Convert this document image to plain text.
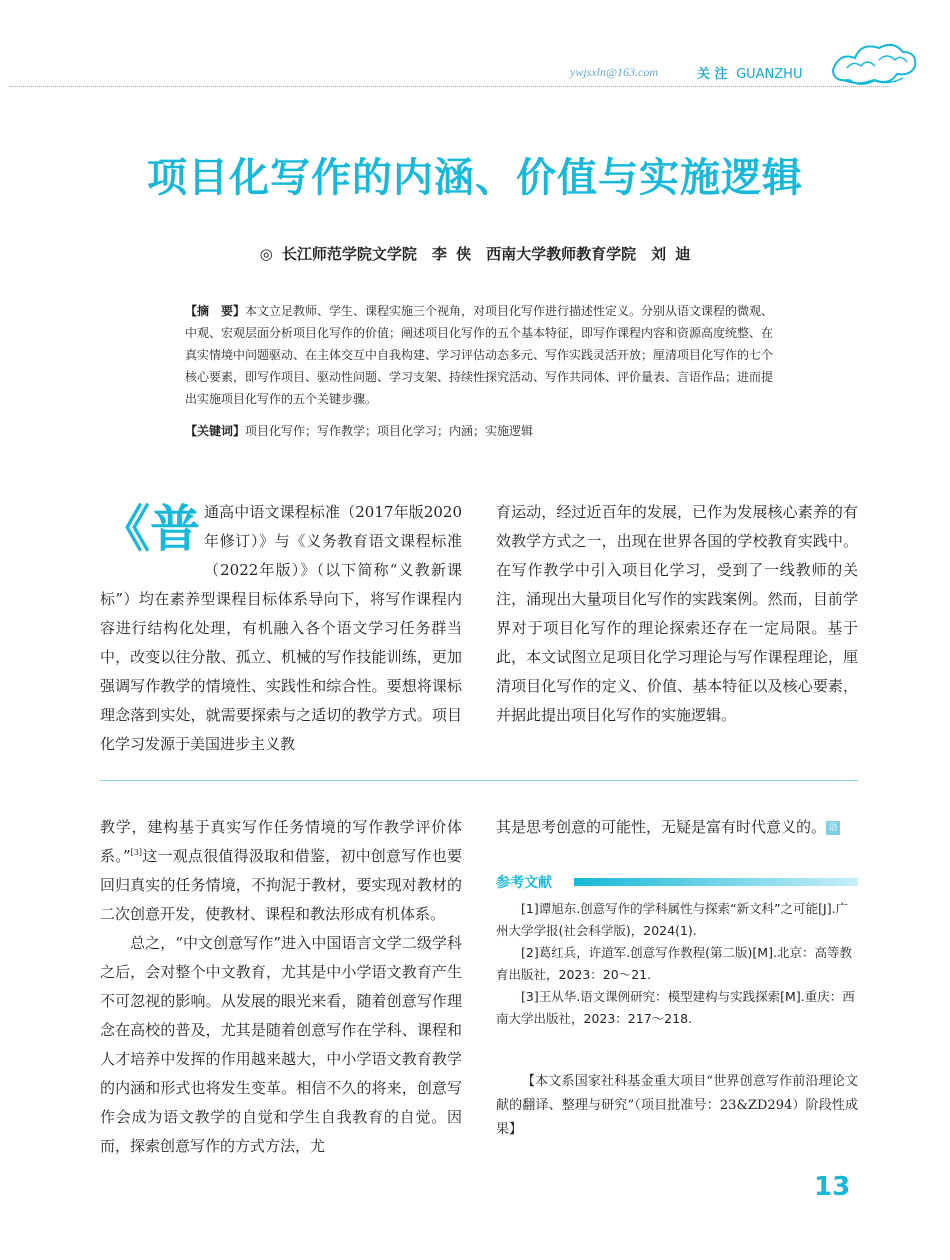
ywjsxln@163.com	关 注 GUANZHU
项目化写作的内涵、价值与实施逻辑
◎ 长江师范学院文学院　李 侠　西南大学教师教育学院　刘 迪
【摘　要】本文立足教师、学生、课程实施三个视角，对项目化写作进行描述性定义。分别从语文课程的微观、中观、宏观层面分析项目化写作的价值；阐述项目化写作的五个基本特征，即写作课程内容和资源高度统整、在真实情境中问题驱动、在主体交互中自我构建、学习评估动态多元、写作实践灵活开放；厘清项目化写作的七个核心要素，即写作项目、驱动性问题、学习支架、持续性探究活动、写作共同体、评价量表、言语作品；进而提出实施项目化写作的五个关键步骤。
【关键词】项目化写作；写作教学；项目化学习；内涵；实施逻辑
《普通高中语文课程标准（2017年版2020年修订）》与《义务教育语文课程标准（2022年版）》（以下简称“义教新课标”）均在素养型课程目标体系导向下，将写作课程内容进行结构化处理，有机融入各个语文学习任务群当中，改变以往分散、孤立、机械的写作技能训练，更加强调写作教学的情境性、实践性和综合性。要想将课标理念落到实处，就需要探索与之适切的教学方式。项目化学习发源于美国进步主义教
育运动，经过近百年的发展，已作为发展核心素养的有效教学方式之一，出现在世界各国的学校教育实践中。在写作教学中引入项目化学习，受到了一线教师的关注，涌现出大量项目化写作的实践案例。然而，目前学界对于项目化写作的理论探索还存在一定局限。基于此，本文试图立足项目化学习理论与写作课程理论，厘清项目化写作的定义、价值、基本特征以及核心要素，并据此提出项目化写作的实施逻辑。

教学，建构基于真实写作任务情境的写作教学评价体系。”[3]这一观点很值得汲取和借鉴，初中创意写作也要回归真实的任务情境，不拘泥于教材，要实现对教材的二次创意开发，使教材、课程和教法形成有机体系。

总之，“中文创意写作”进入中国语言文学二级学科之后，会对整个中文教育，尤其是中小学语文教育产生不可忽视的影响。从发展的眼光来看，随着创意写作理念在高校的普及，尤其是随着创意写作在学科、课程和人才培养中发挥的作用越来越大，中小学语文教育教学的内涵和形式也将发生变革。相信不久的将来，创意写作会成为语文教学的自觉和学生自我教育的自觉。因而，探索创意写作的方式方法，尤

其是思考创意的可能性，无疑是富有时代意义的。 语
参考文献

[1]谭旭东.创意写作的学科属性与探索“新文科”之可能[J].广州大学学报(社会科学版)，2024(1).

[2]葛红兵，许道军.创意写作教程(第二版)[M].北京：高等教育出版社，2023：20～21.

[3]王从华.语文课例研究：模型建构与实践探索[M].重庆：西南大学出版社，2023：217～218.

【本文系国家社科基金重大项目“世界创意写作前沿理论文献的翻译、整理与研究”（项目批准号：23&ZD294）阶段性成果】
13
